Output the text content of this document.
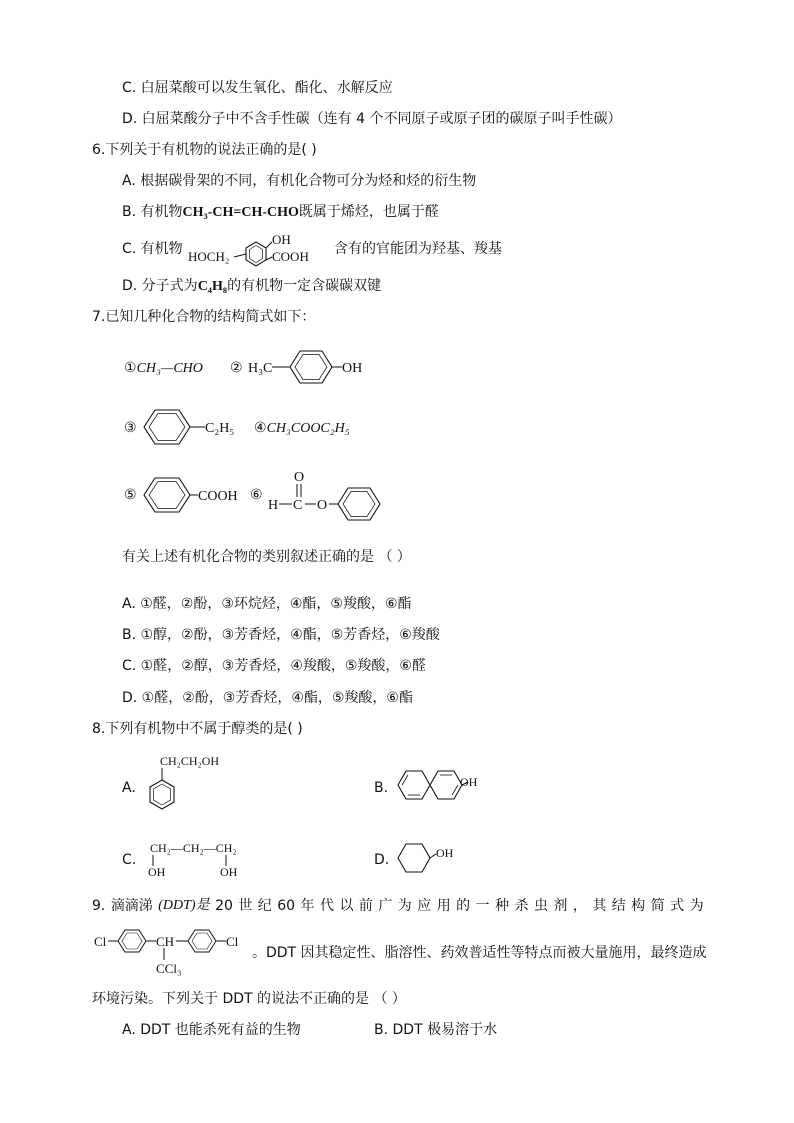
C. 白屈菜酸可以发生氧化、酯化、水解反应
D. 白屈菜酸分子中不含手性碳（连有 4 个不同原子或原子团的碳原子叫手性碳）
6.下列关于有机物的说法正确的是( )
A. 根据碳骨架的不同，有机化合物可分为烃和烃的衍生物
B. 有机物CH₃-CH=CH-CHO既属于烯烃，也属于醛
C. 有机物 HOCH₂
OH
COOH 含有的官能团为羟基、羧基
D. 分子式为C₄H₈的有机物一定含碳碳双键
7.已知几种化合物的结构简式如下：
①CH₃—CHO ② H₃C	OH
③	C₂H₅ ④CH₃COOC₂H₅
⑤	COOH ⑥
O
H C O
有关上述有机化合物的类别叙述正确的是 （ ）
A. ①醛，②酚，③环烷烃，④酯，⑤羧酸，⑥酯
B. ①醇，②酚，③芳香烃，④酯，⑤芳香烃，⑥羧酸
C. ①醛，②醇，③芳香烃，④羧酸，⑤羧酸，⑥醛
D. ①醛，②酚，③芳香烃，④酯，⑤羧酸，⑥酯
8.下列有机物中不属于醇类的是( )
A.
CH₂CH₂OH
B.	OH
C.
CH₂—CH₂—CH₂
OH	OH
D.	OH
9. 滴滴涕 (DDT)是 20 世 纪 60 年 代 以 前 广 为 应 用 的 一 种 杀 虫 剂 ， 其 结 构 简 式 为
Cl	CH	Cl
CCl₃
。DDT 因其稳定性、脂溶性、药效普适性等特点而被大量施用，最终造成
环境污染。下列关于 DDT 的说法不正确的是 （ ）
A. DDT 也能杀死有益的生物	B. DDT 极易溶于水
